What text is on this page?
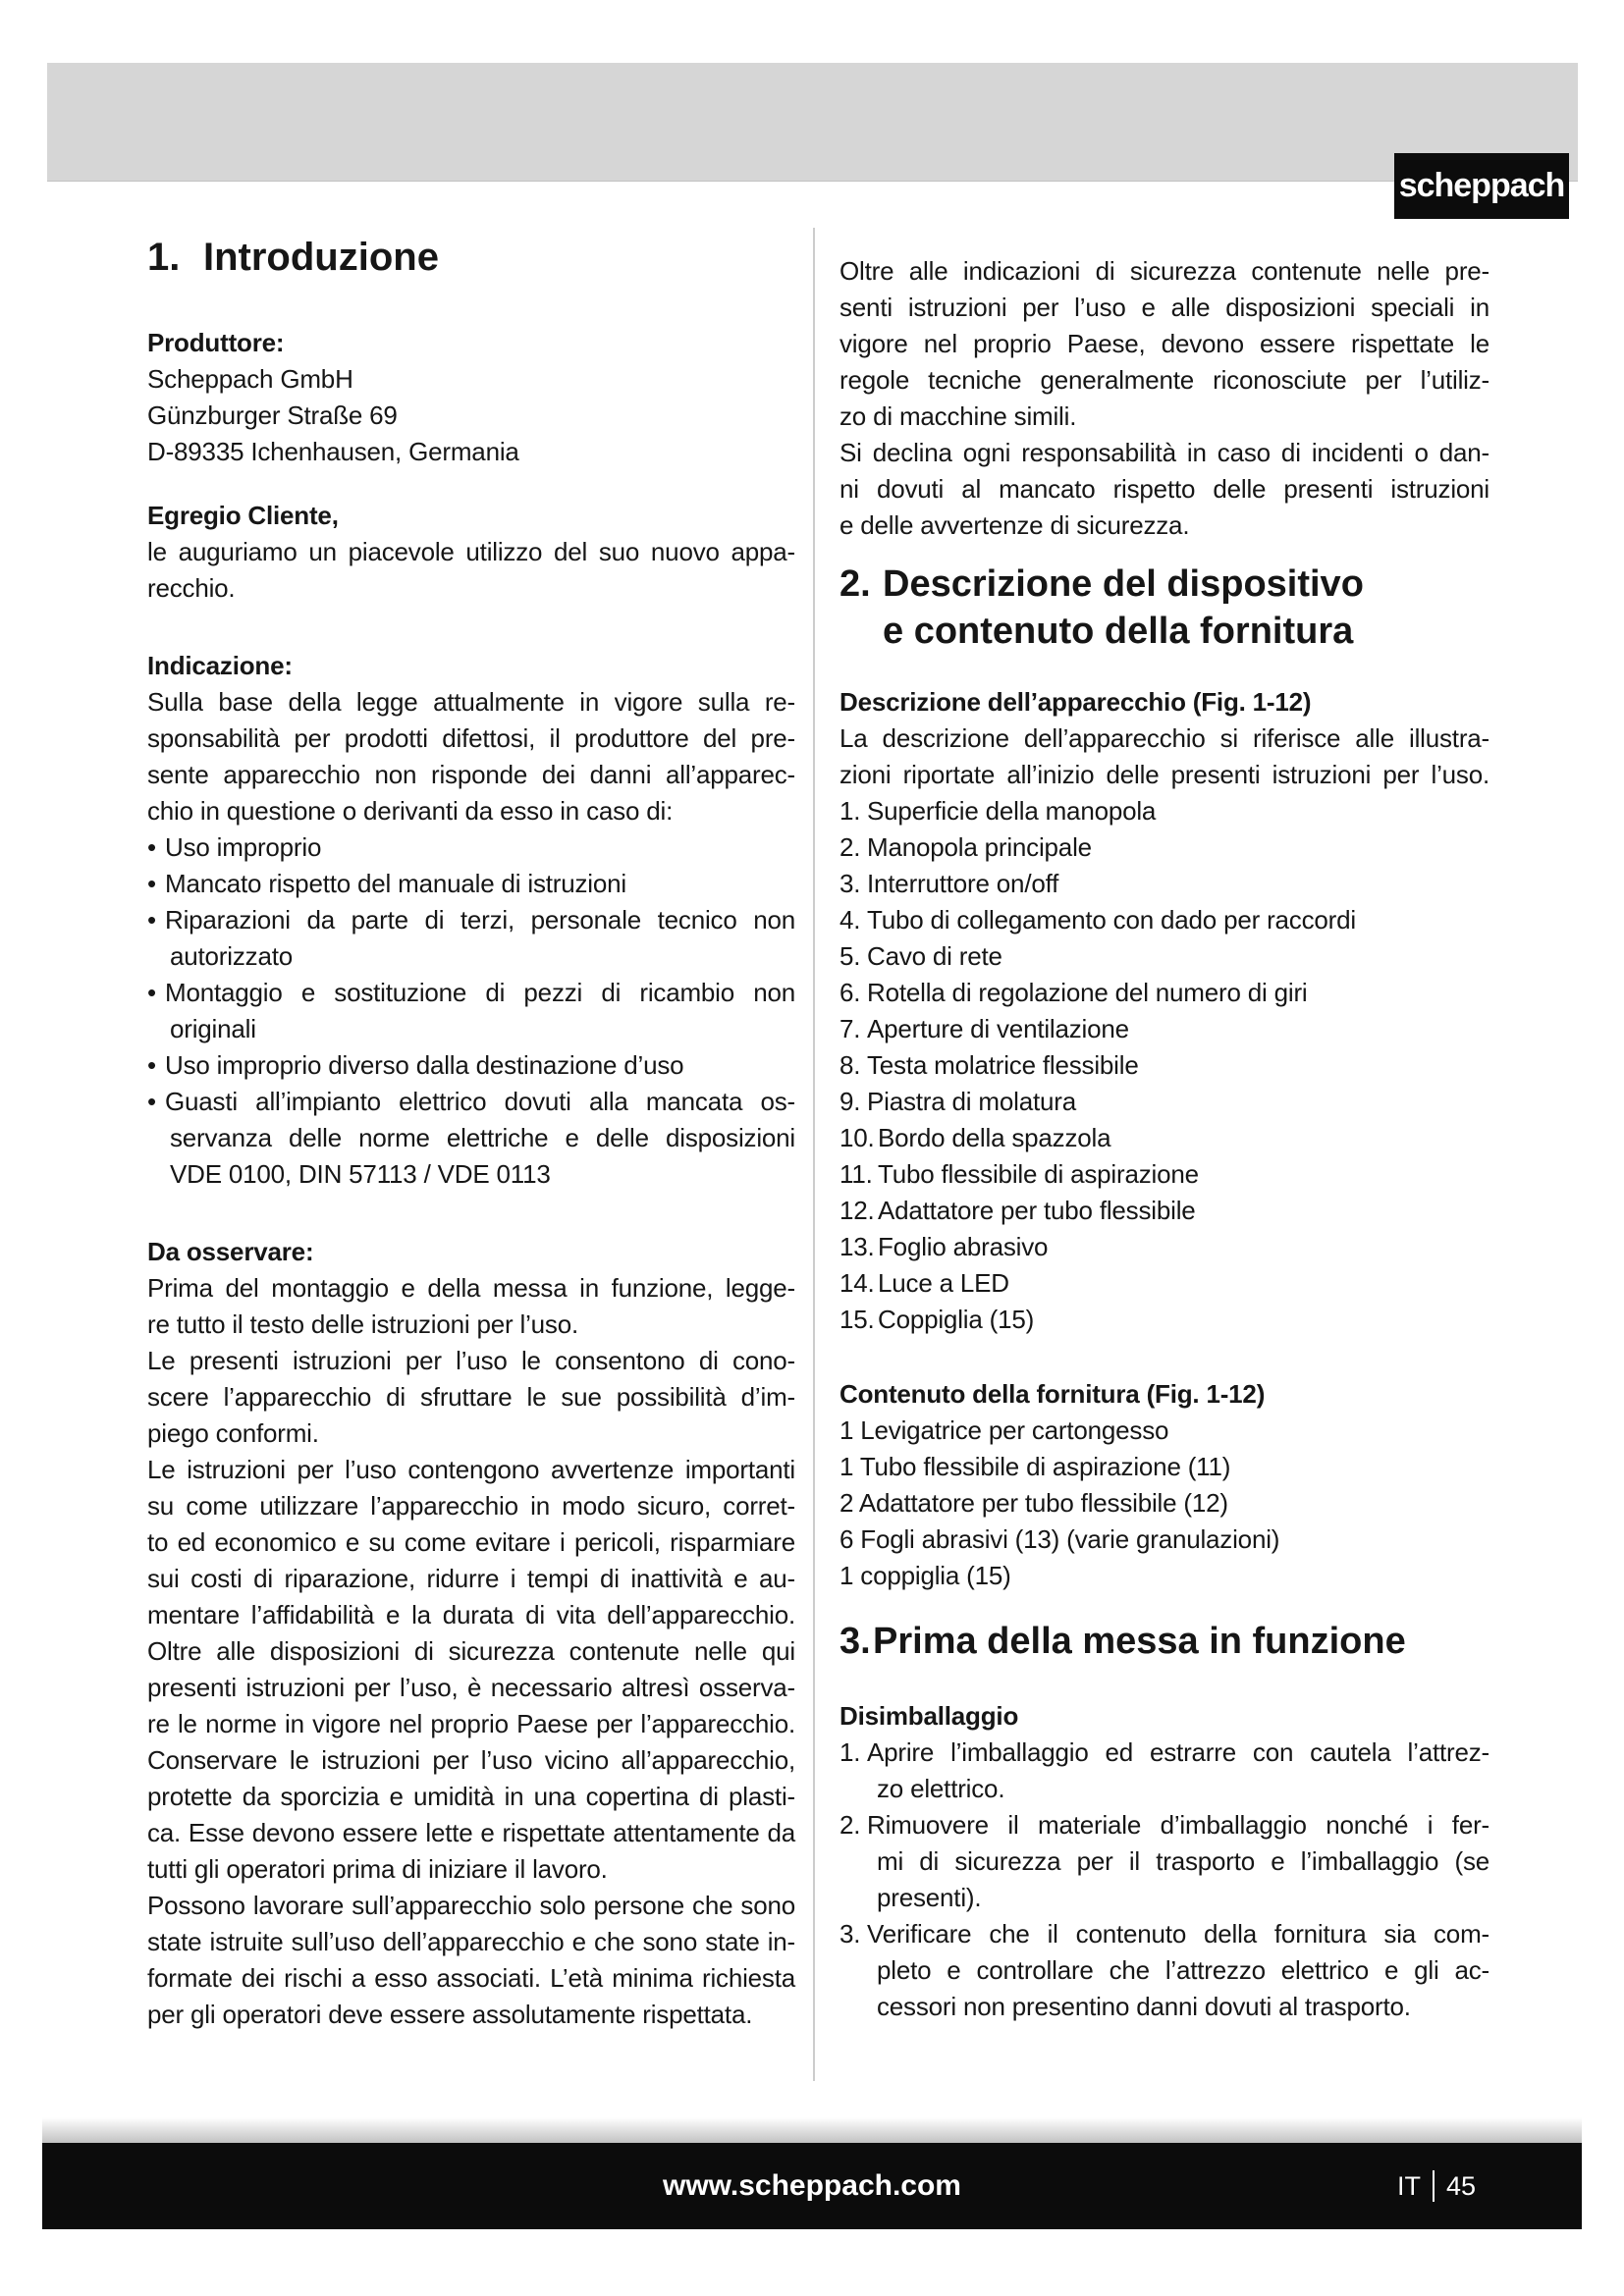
scheppach
1. Introduzione
Produttore:
Scheppach GmbH
Günzburger Straße 69
D-89335 Ichenhausen, Germania
Egregio Cliente,
le auguriamo un piacevole utilizzo del suo nuovo appa-
recchio.
Indicazione:
Sulla base della legge attualmente in vigore sulla re-
sponsabilità per prodotti difettosi, il produttore del pre-
sente apparecchio non risponde dei danni all’apparec-
chio in questione o derivanti da esso in caso di:
• Uso improprio
• Mancato rispetto del manuale di istruzioni
• Riparazioni da parte di terzi, personale tecnico non
autorizzato
• Montaggio e sostituzione di pezzi di ricambio non
originali
• Uso improprio diverso dalla destinazione d’uso
• Guasti all’impianto elettrico dovuti alla mancata os-
servanza delle norme elettriche e delle disposizioni
VDE 0100, DIN 57113 / VDE 0113
Da osservare:
Prima del montaggio e della messa in funzione, legge-
re tutto il testo delle istruzioni per l’uso.
Le presenti istruzioni per l’uso le consentono di cono-
scere l’apparecchio di sfruttare le sue possibilità d’im-
piego conformi.
Le istruzioni per l’uso contengono avvertenze importanti
su come utilizzare l’apparecchio in modo sicuro, corret-
to ed economico e su come evitare i pericoli, risparmiare
sui costi di riparazione, ridurre i tempi di inattività e au-
mentare l’affidabilità e la durata di vita dell’apparecchio.
Oltre alle disposizioni di sicurezza contenute nelle qui
presenti istruzioni per l’uso, è necessario altresì osserva-
re le norme in vigore nel proprio Paese per l’apparecchio.
Conservare le istruzioni per l’uso vicino all’apparecchio,
protette da sporcizia e umidità in una copertina di plasti-
ca. Esse devono essere lette e rispettate attentamente da
tutti gli operatori prima di iniziare il lavoro.
Possono lavorare sull’apparecchio solo persone che sono
state istruite sull’uso dell’apparecchio e che sono state in-
formate dei rischi a esso associati. L’età minima richiesta
per gli operatori deve essere assolutamente rispettata.
Oltre alle indicazioni di sicurezza contenute nelle pre-
senti istruzioni per l’uso e alle disposizioni speciali in
vigore nel proprio Paese, devono essere rispettate le
regole tecniche generalmente riconosciute per l’utiliz-
zo di macchine simili.
Si declina ogni responsabilità in caso di incidenti o dan-
ni dovuti al mancato rispetto delle presenti istruzioni
e delle avvertenze di sicurezza.
2. Descrizione del dispositivo
e contenuto della fornitura
Descrizione dell’apparecchio (Fig. 1-12)
La descrizione dell’apparecchio si riferisce alle illustra-
zioni riportate all’inizio delle presenti istruzioni per l’uso.
1. Superficie della manopola
2. Manopola principale
3. Interruttore on/off
4. Tubo di collegamento con dado per raccordi
5. Cavo di rete
6. Rotella di regolazione del numero di giri
7. Aperture di ventilazione
8. Testa molatrice flessibile
9. Piastra di molatura
10. Bordo della spazzola
11. Tubo flessibile di aspirazione
12. Adattatore per tubo flessibile
13. Foglio abrasivo
14. Luce a LED
15. Coppiglia (15)
Contenuto della fornitura (Fig. 1-12)
1 Levigatrice per cartongesso
1 Tubo flessibile di aspirazione (11)
2 Adattatore per tubo flessibile (12)
6 Fogli abrasivi (13) (varie granulazioni)
1 coppiglia (15)
3. Prima della messa in funzione
Disimballaggio
1. Aprire l’imballaggio ed estrarre con cautela l’attrez-
zo elettrico.
2. Rimuovere il materiale d’imballaggio nonché i fer-
mi di sicurezza per il trasporto e l’imballaggio (se
presenti).
3. Verificare che il contenuto della fornitura sia com-
pleto e controllare che l’attrezzo elettrico e gli ac-
cessori non presentino danni dovuti al trasporto.
www.scheppach.com	IT 45
